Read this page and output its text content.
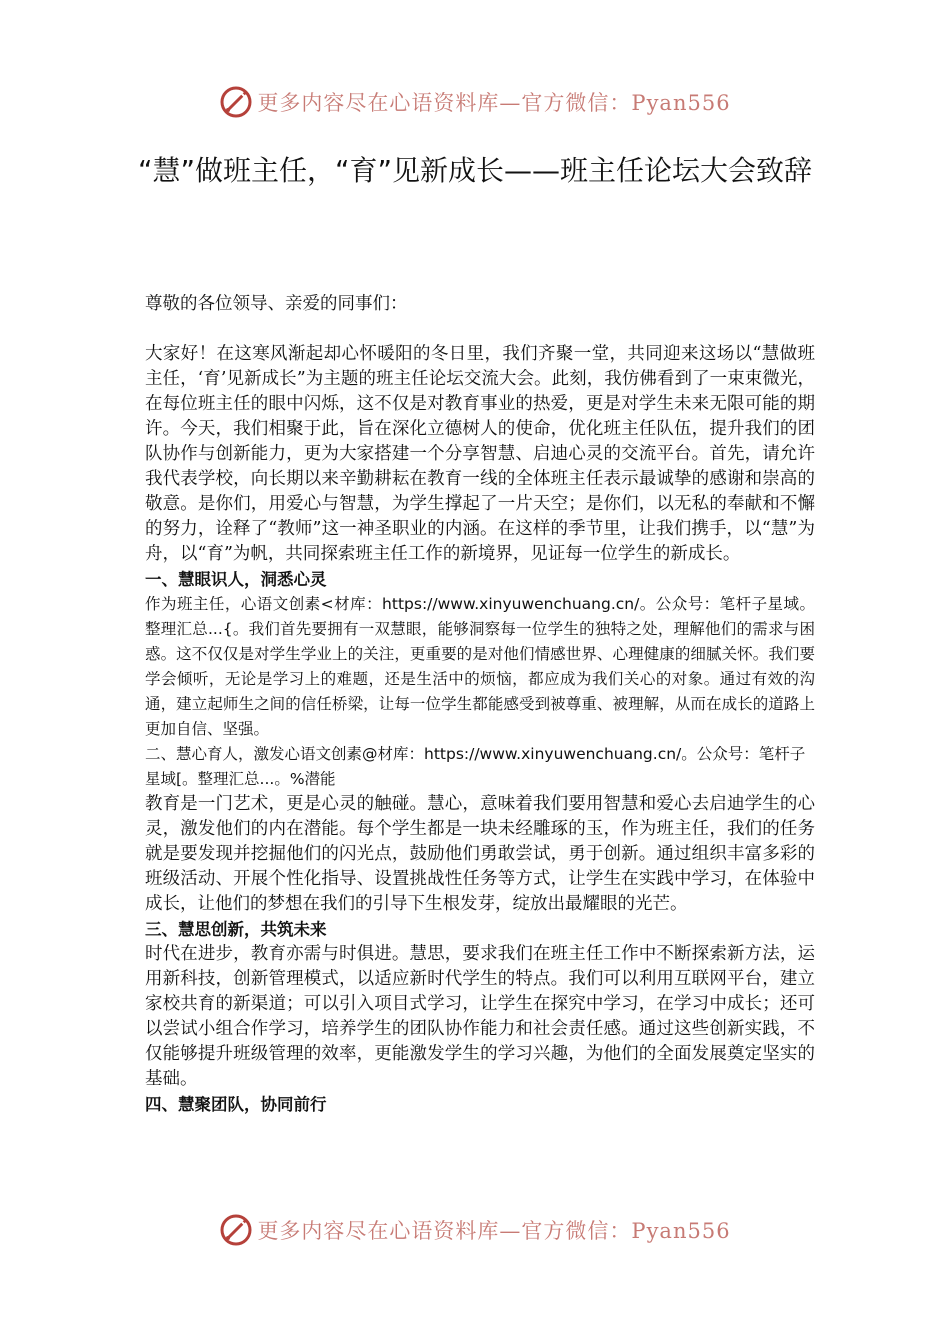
更多内容尽在心语资料库—官方微信：Pyan556
“慧”做班主任，“育”见新成长——班主任论坛大会致辞

尊敬的各位领导、亲爱的同事们：

大家好！在这寒风渐起却心怀暖阳的冬日里，我们齐聚一堂，共同迎来这场以“慧做班主任，‘育’见新成长”为主题的班主任论坛交流大会。此刻，我仿佛看到了一束束微光，在每位班主任的眼中闪烁，这不仅是对教育事业的热爱，更是对学生未来无限可能的期许。今天，我们相聚于此，旨在深化立德树人的使命，优化班主任队伍，提升我们的团队协作与创新能力，更为大家搭建一个分享智慧、启迪心灵的交流平台。首先，请允许我代表学校，向长期以来辛勤耕耘在教育一线的全体班主任表示最诚挚的感谢和崇高的敬意。是你们，用爱心与智慧，为学生撑起了一片天空；是你们，以无私的奉献和不懈的努力，诠释了“教师”这一神圣职业的内涵。在这样的季节里，让我们携手，以“慧”为舟，以“育”为帆，共同探索班主任工作的新境界，见证每一位学生的新成长。

一、慧眼识人，洞悉心灵

作为班主任，心语文创素<材库：https://www.xinyuwenchuang.cn/。公众号：笔杆子星域。整理汇总...{。我们首先要拥有一双慧眼，能够洞察每一位学生的独特之处，理解他们的需求与困惑。这不仅仅是对学生学业上的关注，更重要的是对他们情感世界、心理健康的细腻关怀。我们要学会倾听，无论是学习上的难题，还是生活中的烦恼，都应成为我们关心的对象。通过有效的沟通，建立起师生之间的信任桥梁，让每一位学生都能感受到被尊重、被理解，从而在成长的道路上更加自信、坚强。

二、慧心育人，激发心语文创素@材库：https://www.xinyuwenchuang.cn/。公众号：笔杆子星域[。整理汇总...。%潜能

教育是一门艺术，更是心灵的触碰。慧心，意味着我们要用智慧和爱心去启迪学生的心灵，激发他们的内在潜能。每个学生都是一块未经雕琢的玉，作为班主任，我们的任务就是要发现并挖掘他们的闪光点，鼓励他们勇敢尝试，勇于创新。通过组织丰富多彩的班级活动、开展个性化指导、设置挑战性任务等方式，让学生在实践中学习，在体验中成长，让他们的梦想在我们的引导下生根发芽，绽放出最耀眼的光芒。

三、慧思创新，共筑未来

时代在进步，教育亦需与时俱进。慧思，要求我们在班主任工作中不断探索新方法，运用新科技，创新管理模式，以适应新时代学生的特点。我们可以利用互联网平台，建立家校共育的新渠道；可以引入项目式学习，让学生在探究中学习，在学习中成长；还可以尝试小组合作学习，培养学生的团队协作能力和社会责任感。通过这些创新实践，不仅能够提升班级管理的效率，更能激发学生的学习兴趣，为他们的全面发展奠定坚实的基础。

四、慧聚团队，协同前行
更多内容尽在心语资料库—官方微信：Pyan556
